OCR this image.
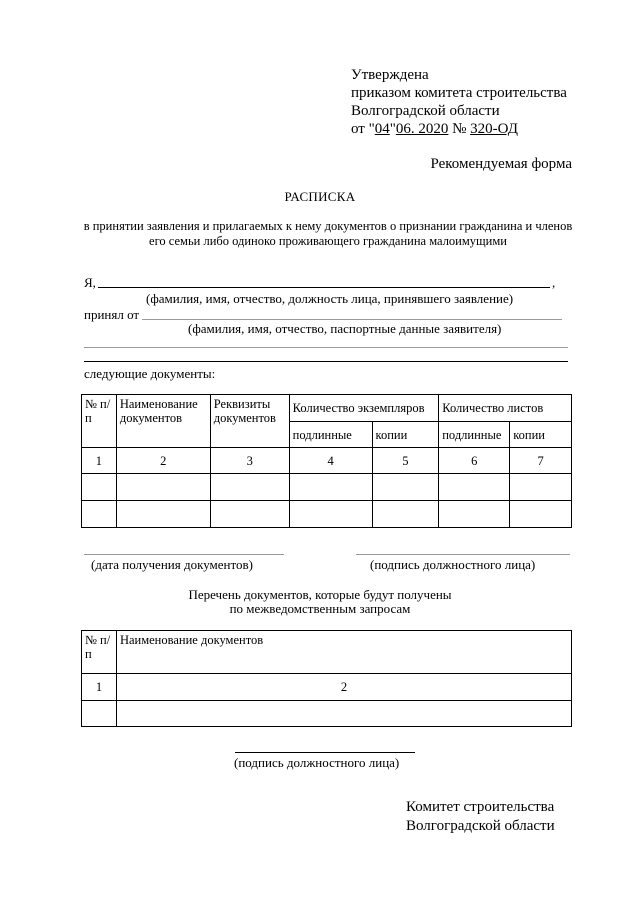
Утверждена
приказом комитета строительства
Волгоградской области
от "04"06. 2020 № 320-ОД
Рекомендуемая форма
РАСПИСКА
в принятии заявления и прилагаемых к нему документов о признании гражданина и членов его семьи либо одиноко проживающего гражданина малоимущими
Я,	,
(фамилия, имя, отчество, должность лица, принявшего заявление)
принял от
(фамилия, имя, отчество, паспортные данные заявителя)
следующие документы:
№ п/п	Наименование документов	Реквизиты документов	Количество экземпляров		Количество листов	
			подлинные	копии	подлинные	копии
1	2	3	4	5	6	7

(дата получения документов)	(подпись должностного лица)
Перечень документов, которые будут получены
по межведомственным запросам
№ п/п	Наименование документов
1	2

(подпись должностного лица)
Комитет строительства
Волгоградской области
